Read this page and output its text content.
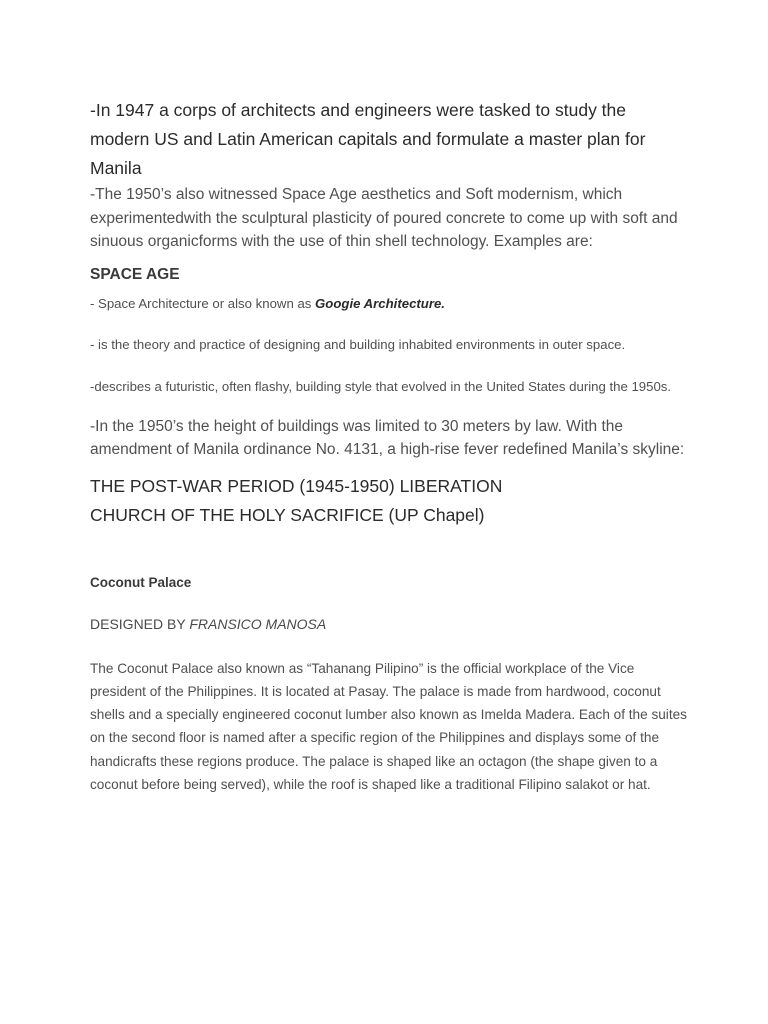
-In 1947 a corps of architects and engineers were tasked to study the modern US and Latin American capitals and formulate a master plan for Manila

-The 1950’s also witnessed Space Age aesthetics and Soft modernism, which experimentedwith the sculptural plasticity of poured concrete to come up with soft and sinuous organicforms with the use of thin shell technology. Examples are:

SPACE AGE

- Space Architecture or also known as Googie Architecture.

- is the theory and practice of designing and building inhabited environments in outer space.

-describes a futuristic, often flashy, building style that evolved in the United States during the 1950s.

-In the 1950’s the height of buildings was limited to 30 meters by law. With the amendment of Manila ordinance No. 4131, a high-rise fever redefined Manila’s skyline:

THE POST-WAR PERIOD (1945-1950) LIBERATION

CHURCH OF THE HOLY SACRIFICE (UP Chapel)

Coconut Palace

DESIGNED BY FRANSICO MANOSA

The Coconut Palace also known as “Tahanang Pilipino” is the official workplace of the Vice president of the Philippines. It is located at Pasay. The palace is made from hardwood, coconut shells and a specially engineered coconut lumber also known as Imelda Madera. Each of the suites on the second floor is named after a specific region of the Philippines and displays some of the handicrafts these regions produce. The palace is shaped like an octagon (the shape given to a coconut before being served), while the roof is shaped like a traditional Filipino salakot or hat.
